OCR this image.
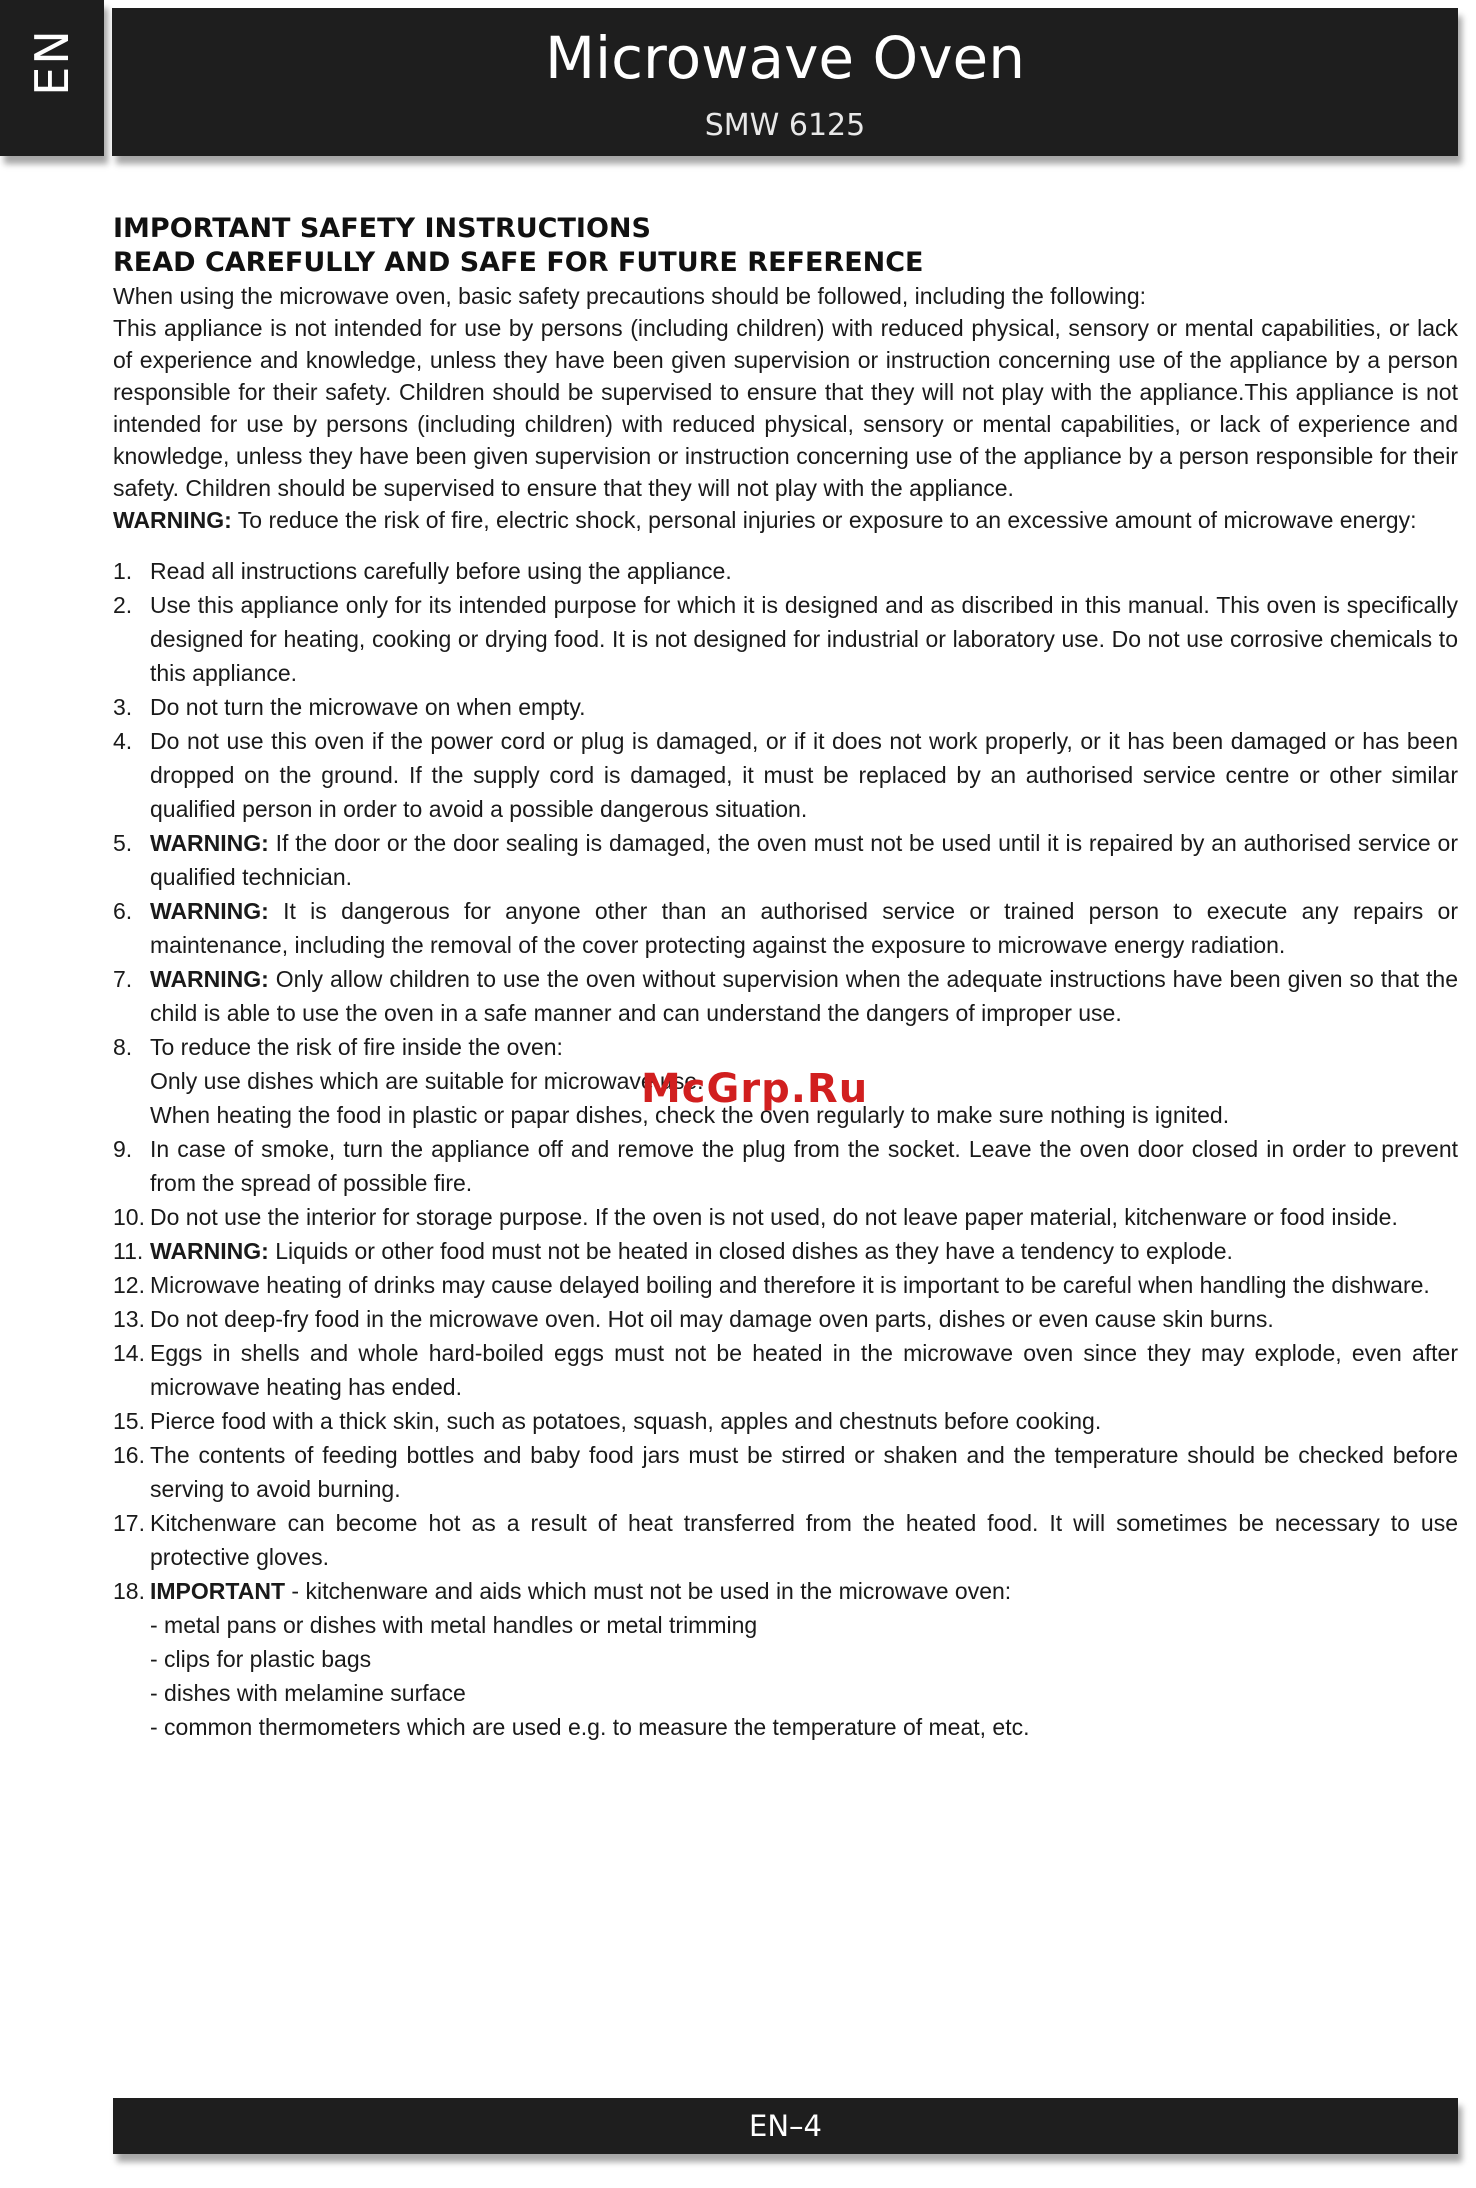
EN	Microwave Oven
SMW 6125
IMPORTANT SAFETY INSTRUCTIONS
READ CAREFULLY AND SAFE FOR FUTURE REFERENCE
When using the microwave oven, basic safety precautions should be followed, including the following:
This appliance is not intended for use by persons (including children) with reduced physical, sensory or mental capabilities, or lack of experience and knowledge, unless they have been given supervision or instruction concerning use of the appliance by a person responsible for their safety. Children should be supervised to ensure that they will not play with the appliance.This appliance is not intended for use by persons (including children) with reduced physical, sensory or mental capabilities, or lack of experience and knowledge, unless they have been given supervision or instruction concerning use of the appliance by a person responsible for their safety. Children should be supervised to ensure that they will not play with the appliance.
WARNING: To reduce the risk of fire, electric shock, personal injuries or exposure to an excessive amount of microwave energy:
1. Read all instructions carefully before using the appliance.
2. Use this appliance only for its intended purpose for which it is designed and as discribed in this manual. This oven is specifically designed for heating, cooking or drying food. It is not designed for industrial or laboratory use. Do not use corrosive chemicals to this appliance.
3. Do not turn the microwave on when empty.
4. Do not use this oven if the power cord or plug is damaged, or if it does not work properly, or it has been damaged or has been dropped on the ground. If the supply cord is damaged, it must be replaced by an authorised service centre or other similar qualified person in order to avoid a possible dangerous situation.
5. WARNING: If the door or the door sealing is damaged, the oven must not be used until it is repaired by an authorised service or qualified technician.
6. WARNING: It is dangerous for anyone other than an authorised service or trained person to execute any repairs or maintenance, including the removal of the cover protecting against the exposure to microwave energy radiation.
7. WARNING: Only allow children to use the oven without supervision when the adequate instructions have been given so that the child is able to use the oven in a safe manner and can understand the dangers of improper use.
8. To reduce the risk of fire inside the oven:
Only use dishes which are suitable for microwave use.
When heating the food in plastic or papar dishes, check the oven regularly to make sure nothing is ignited.
9. In case of smoke, turn the appliance off and remove the plug from the socket. Leave the oven door closed in order to prevent from the spread of possible fire.
10. Do not use the interior for storage purpose. If the oven is not used, do not leave paper material, kitchenware or food inside.
11. WARNING: Liquids or other food must not be heated in closed dishes as they have a tendency to explode.
12. Microwave heating of drinks may cause delayed boiling and therefore it is important to be careful when handling the dishware.
13. Do not deep-fry food in the microwave oven. Hot oil may damage oven parts, dishes or even cause skin burns.
14. Eggs in shells and whole hard-boiled eggs must not be heated in the microwave oven since they may explode, even after microwave heating has ended.
15. Pierce food with a thick skin, such as potatoes, squash, apples and chestnuts before cooking.
16. The contents of feeding bottles and baby food jars must be stirred or shaken and the temperature should be checked before serving to avoid burning.
17. Kitchenware can become hot as a result of heat transferred from the heated food. It will sometimes be necessary to use protective gloves.
18. IMPORTANT - kitchenware and aids which must not be used in the microwave oven:
- metal pans or dishes with metal handles or metal trimming
- clips for plastic bags
- dishes with melamine surface
- common thermometers which are used e.g. to measure the temperature of meat, etc.
McGrp.Ru
EN–4
